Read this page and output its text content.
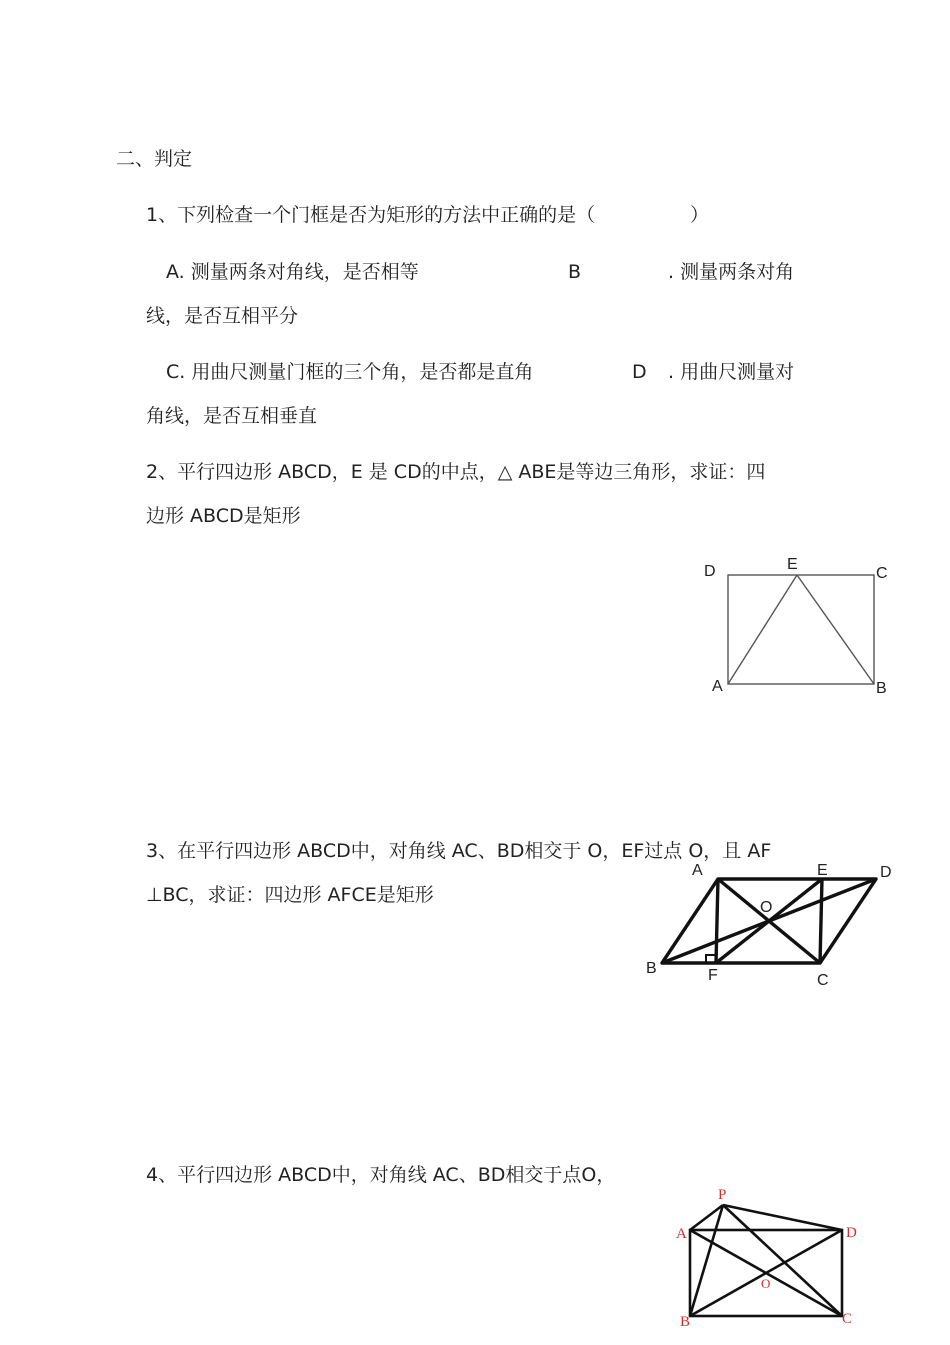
二、判定
1、下列检查一个门框是否为矩形的方法中正确的是（	）
A. 测量两条对角线，是否相等	B	. 测量两条对角
线，是否互相平分
C. 用曲尺测量门框的三个角，是否都是直角	D . 用曲尺测量对
角线，是否互相垂直
2、平行四边形 ABCD，E 是 CD的中点，△ ABE是等边三角形，求证：四
边形 ABCD是矩形
D	E
C
A	B
3、在平行四边形 ABCD中，对角线 AC、BD相交于 O，EF过点 O，且 AF
⊥BC，求证：四边形 AFCE是矩形
A	E	D
O
B	F	C
4、平行四边形 ABCD中，对角线 AC、BD相交于点O，
P
A	D
O
B	C
